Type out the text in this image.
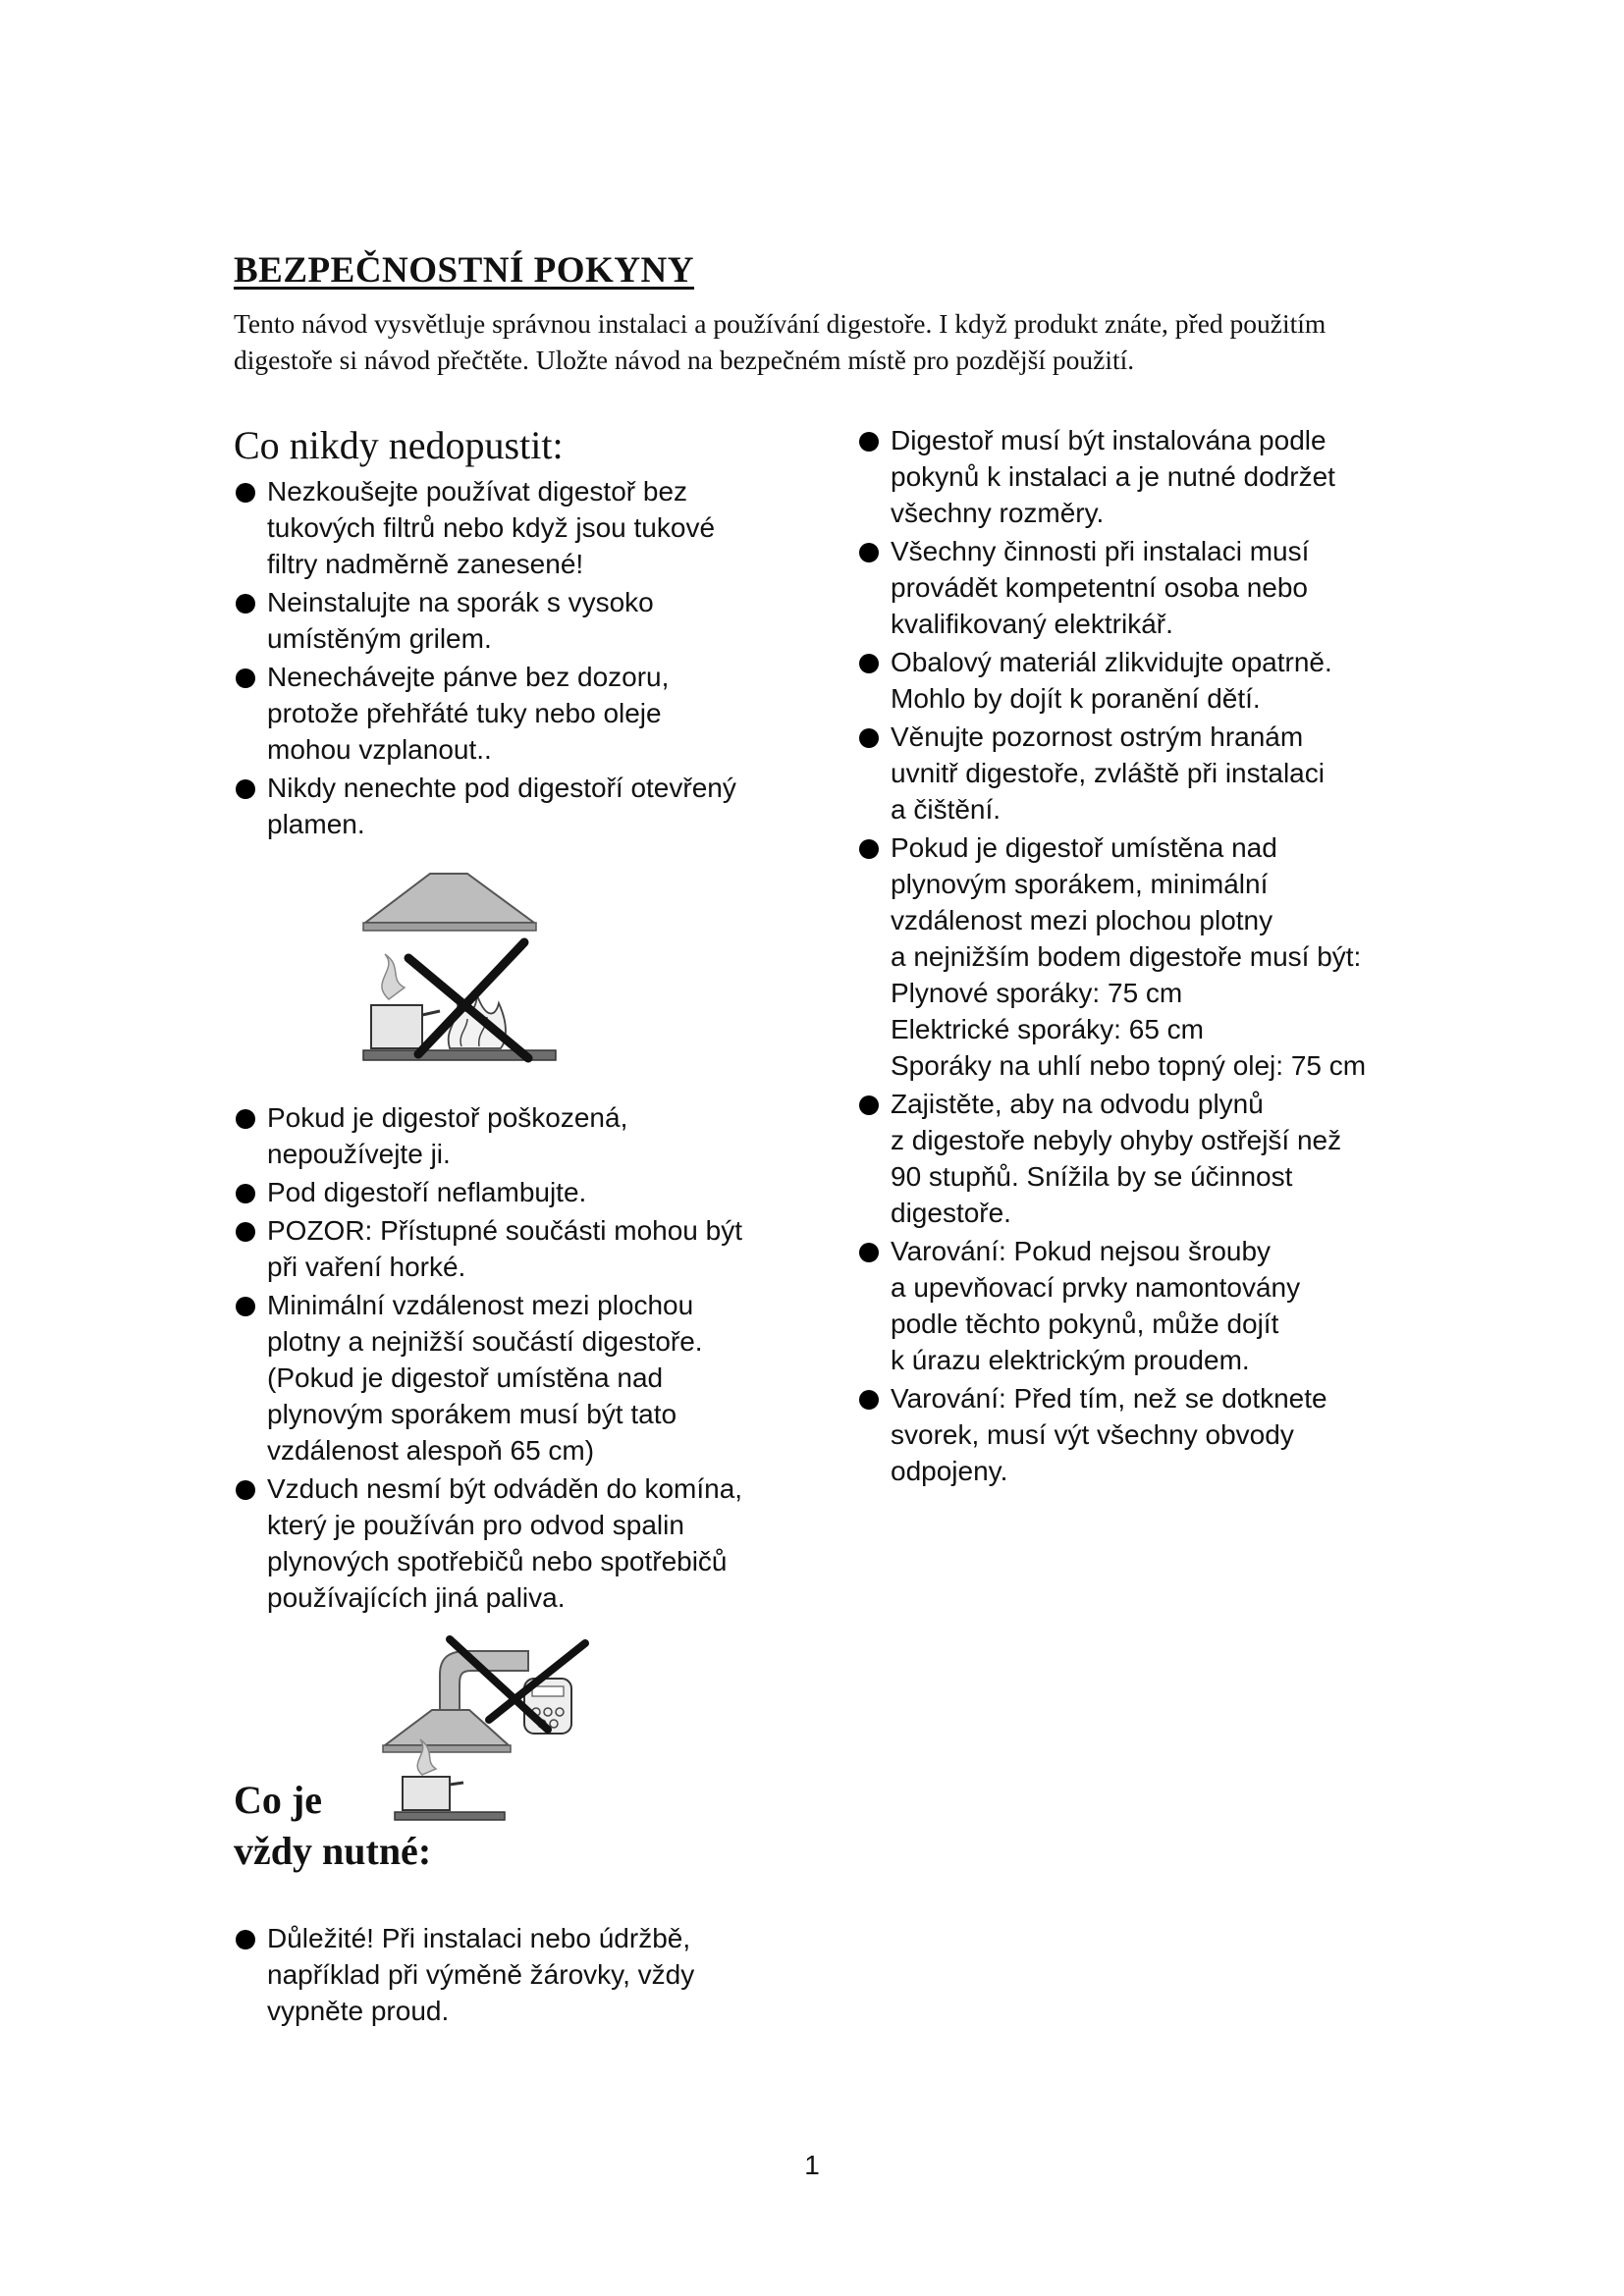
BEZPEČNOSTNÍ POKYNY

Tento návod vysvětluje správnou instalaci a používání digestoře. I když produkt znáte, před použitím digestoře si návod přečtěte. Uložte návod na bezpečném místě pro pozdější použití.

Co nikdy nedopustit:
Nezkoušejte používat digestoř bez
tukových filtrů nebo když jsou tukové
filtry nadměrně zanesené!
Neinstalujte na sporák s vysoko
umístěným grilem.
Nenechávejte pánve bez dozoru,
protože přehřáté tuky nebo oleje
mohou vzplanout..
Nikdy nenechte pod digestoří otevřený
plamen.
Pokud je digestoř poškozená,
nepoužívejte ji.
Pod digestoří neflambujte.
POZOR: Přístupné součásti mohou být
při vaření horké.
Minimální vzdálenost mezi plochou
plotny a nejnižší součástí digestoře.
(Pokud je digestoř umístěna nad
plynovým sporákem musí být tato
vzdálenost alespoň 65 cm)
Vzduch nesmí být odváděn do komína,
který je používán pro odvod spalin
plynových spotřebičů nebo spotřebičů
používajících jiná paliva.
Co je
vždy nutné:
Důležité! Při instalaci nebo údržbě,
například při výměně žárovky, vždy
vypněte proud.
Digestoř musí být instalována podle
pokynů k instalaci a je nutné dodržet
všechny rozměry.
Všechny činnosti při instalaci musí
provádět kompetentní osoba nebo
kvalifikovaný elektrikář.
Obalový materiál zlikvidujte opatrně.
Mohlo by dojít k poranění dětí.
Věnujte pozornost ostrým hranám
uvnitř digestoře, zvláště při instalaci
a čištění.
Pokud je digestoř umístěna nad
plynovým sporákem, minimální
vzdálenost mezi plochou plotny
a nejnižším bodem digestoře musí být:
Plynové sporáky: 75 cm
Elektrické sporáky: 65 cm
Sporáky na uhlí nebo topný olej: 75 cm
Zajistěte, aby na odvodu plynů
z digestoře nebyly ohyby ostřejší než
90 stupňů. Snížila by se účinnost
digestoře.
Varování: Pokud nejsou šrouby
a upevňovací prvky namontovány
podle těchto pokynů, může dojít
k úrazu elektrickým proudem.
Varování: Před tím, než se dotknete
svorek, musí výt všechny obvody
odpojeny.
1
